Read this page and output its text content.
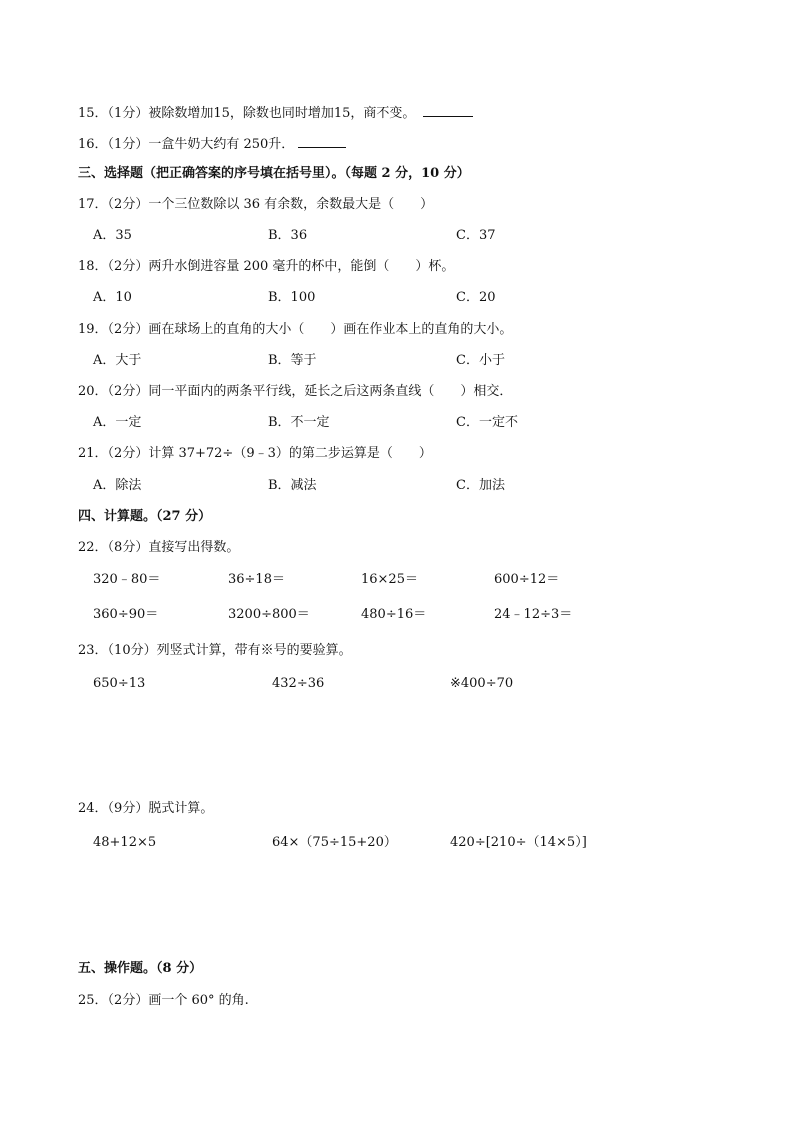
15．（1分）被除数增加15，除数也同时增加15，商不变。
16．（1分）一盒牛奶大约有 250升．
三、选择题（把正确答案的序号填在括号里）。（每题 2 分，10 分）
17．（2分）一个三位数除以 36 有余数，余数最大是（　　）
A．35	B．36	C．37
18．（2分）两升水倒进容量 200 毫升的杯中，能倒（　　）杯。
A．10	B．100	C．20
19．（2分）画在球场上的直角的大小（　　）画在作业本上的直角的大小。
A．大于	B．等于	C．小于
20．（2分）同一平面内的两条平行线，延长之后这两条直线（　　）相交．
A．一定	B．不一定	C．一定不
21．（2分）计算 37+72÷（9﹣3）的第二步运算是（　　）
A．除法	B．减法	C．加法
四、计算题。（27 分）
22．（8分）直接写出得数。
320﹣80＝	36÷18＝	16×25＝	600÷12＝
360÷90＝	3200÷800＝	480÷16＝	24﹣12÷3＝
23．（10分）列竖式计算，带有※号的要验算。
650÷13	432÷36	※400÷70
24．（9分）脱式计算。
48+12×5	64×（75÷15+20）	420÷[210÷（14×5）]
五、操作题。（8 分）
25．（2分）画一个 60° 的角.
